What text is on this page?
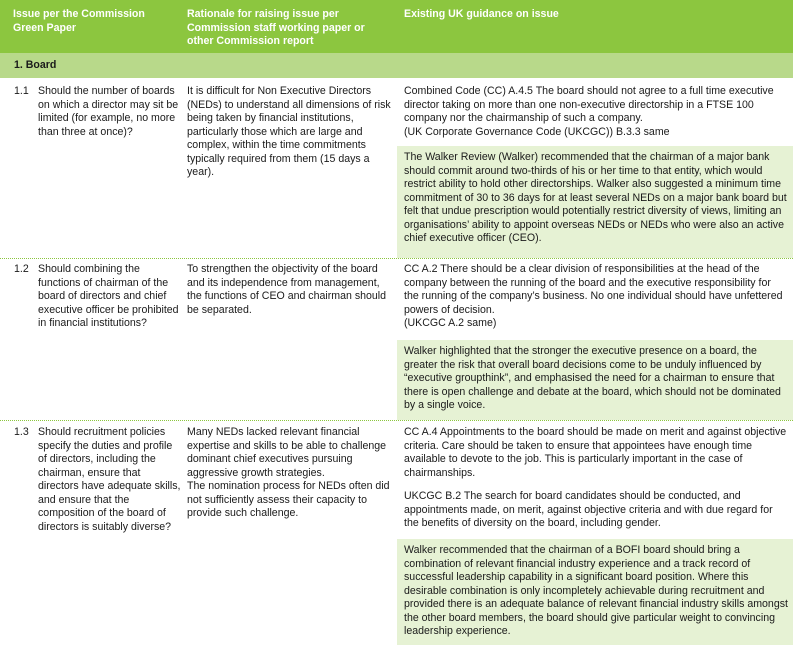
Issue per the Commission Green Paper
Rationale for raising issue per Commission staff working paper or other Commission report
Existing UK guidance on issue
1. Board
1.1 Should the number of boards on which a director may sit be limited (for example, no more than three at once)?
It is difficult for Non Executive Directors (NEDs) to understand all dimensions of risk being taken by financial institutions, particularly those which are large and complex, within the time commitments typically required from them (15 days a year).
Combined Code (CC) A.4.5 The board should not agree to a full time executive director taking on more than one non-executive directorship in a FTSE 100 company nor the chairmanship of such a company.
(UK Corporate Governance Code (UKCGC)) B.3.3 same
The Walker Review (Walker) recommended that the chairman of a major bank should commit around two-thirds of his or her time to that entity, which would restrict ability to hold other directorships. Walker also suggested a minimum time commitment of 30 to 36 days for at least several NEDs on a major bank board but felt that undue prescription would potentially restrict diversity of views, limiting an organisations’ ability to appoint overseas NEDs or NEDs who were also an active chief executive officer (CEO).
1.2 Should combining the functions of chairman of the board of directors and chief executive officer be prohibited in financial institutions?
To strengthen the objectivity of the board and its independence from management, the functions of CEO and chairman should be separated.
CC A.2 There should be a clear division of responsibilities at the head of the company between the running of the board and the executive responsibility for the running of the company’s business. No one individual should have unfettered powers of decision.
(UKCGC A.2 same)
Walker highlighted that the stronger the executive presence on a board, the greater the risk that overall board decisions come to be unduly influenced by “executive groupthink”, and emphasised the need for a chairman to ensure that there is open challenge and debate at the board, which should not be dominated by a single voice.
1.3 Should recruitment policies specify the duties and profile of directors, including the chairman, ensure that directors have adequate skills, and ensure that the composition of the board of directors is suitably diverse?
Many NEDs lacked relevant financial expertise and skills to be able to challenge dominant chief executives pursuing aggressive growth strategies.
The nomination process for NEDs often did not sufficiently assess their capacity to provide such challenge.
CC A.4 Appointments to the board should be made on merit and against objective criteria. Care should be taken to ensure that appointees have enough time available to devote to the job. This is particularly important in the case of chairmanships.
UKCGC B.2 The search for board candidates should be conducted, and appointments made, on merit, against objective criteria and with due regard for the benefits of diversity on the board, including gender.
Walker recommended that the chairman of a BOFI board should bring a combination of relevant financial industry experience and a track record of successful leadership capability in a significant board position. Where this desirable combination is only incompletely achievable during recruitment and provided there is an adequate balance of relevant financial industry skills amongst the other board members, the board should give particular weight to convincing leadership experience.
